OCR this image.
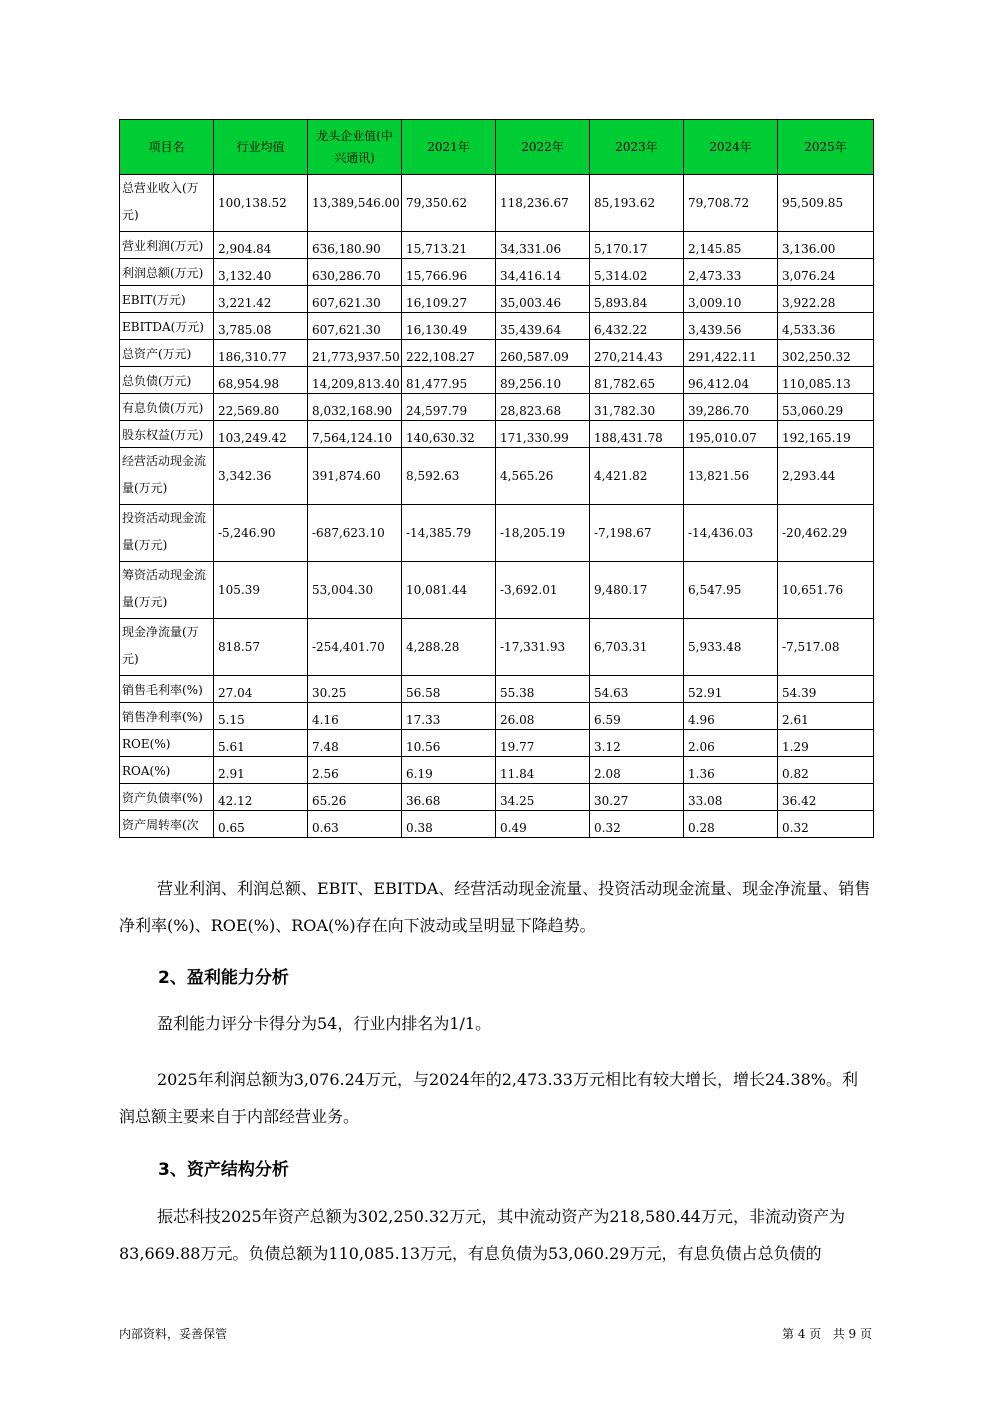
项目名	行业均值	龙头企业值(中兴通讯)	2021年	2022年	2023年	2024年	2025年
总营业收入(万元)	100,138.52	13,389,546.00	79,350.62	118,236.67	85,193.62	79,708.72	95,509.85
营业利润(万元)	2,904.84	636,180.90	15,713.21	34,331.06	5,170.17	2,145.85	3,136.00
利润总额(万元)	3,132.40	630,286.70	15,766.96	34,416.14	5,314.02	2,473.33	3,076.24
EBIT(万元)	3,221.42	607,621.30	16,109.27	35,003.46	5,893.84	3,009.10	3,922.28
EBITDA(万元)	3,785.08	607,621.30	16,130.49	35,439.64	6,432.22	3,439.56	4,533.36
总资产(万元)	186,310.77	21,773,937.50	222,108.27	260,587.09	270,214.43	291,422.11	302,250.32
总负债(万元)	68,954.98	14,209,813.40	81,477.95	89,256.10	81,782.65	96,412.04	110,085.13
有息负债(万元)	22,569.80	8,032,168.90	24,597.79	28,823.68	31,782.30	39,286.70	53,060.29
股东权益(万元)	103,249.42	7,564,124.10	140,630.32	171,330.99	188,431.78	195,010.07	192,165.19
经营活动现金流量(万元)	3,342.36	391,874.60	8,592.63	4,565.26	4,421.82	13,821.56	2,293.44
投资活动现金流量(万元)	-5,246.90	-687,623.10	-14,385.79	-18,205.19	-7,198.67	-14,436.03	-20,462.29
筹资活动现金流量(万元)	105.39	53,004.30	10,081.44	-3,692.01	9,480.17	6,547.95	10,651.76
现金净流量(万元)	818.57	-254,401.70	4,288.28	-17,331.93	6,703.31	5,933.48	-7,517.08
销售毛利率(%)	27.04	30.25	56.58	55.38	54.63	52.91	54.39
销售净利率(%)	5.15	4.16	17.33	26.08	6.59	4.96	2.61
ROE(%)	5.61	7.48	10.56	19.77	3.12	2.06	1.29
ROA(%)	2.91	2.56	6.19	11.84	2.08	1.36	0.82
资产负债率(%)	42.12	65.26	36.68	34.25	30.27	33.08	36.42
资产周转率(次	0.65	0.63	0.38	0.49	0.32	0.28	0.32
营业利润、利润总额、EBIT、EBITDA、经营活动现金流量、投资活动现金流量、现金净流量、销售净利率(%)、ROE(%)、ROA(%)存在向下波动或呈明显下降趋势。
2、盈利能力分析
盈利能力评分卡得分为54，行业内排名为1/1。
2025年利润总额为3,076.24万元，与2024年的2,473.33万元相比有较大增长，增长24.38%。利润总额主要来自于内部经营业务。
3、资产结构分析
振芯科技2025年资产总额为302,250.32万元，其中流动资产为218,580.44万元，非流动资产为83,669.88万元。负债总额为110,085.13万元，有息负债为53,060.29万元，有息负债占总负债的
内部资料，妥善保管	第 4 页   共 9 页
